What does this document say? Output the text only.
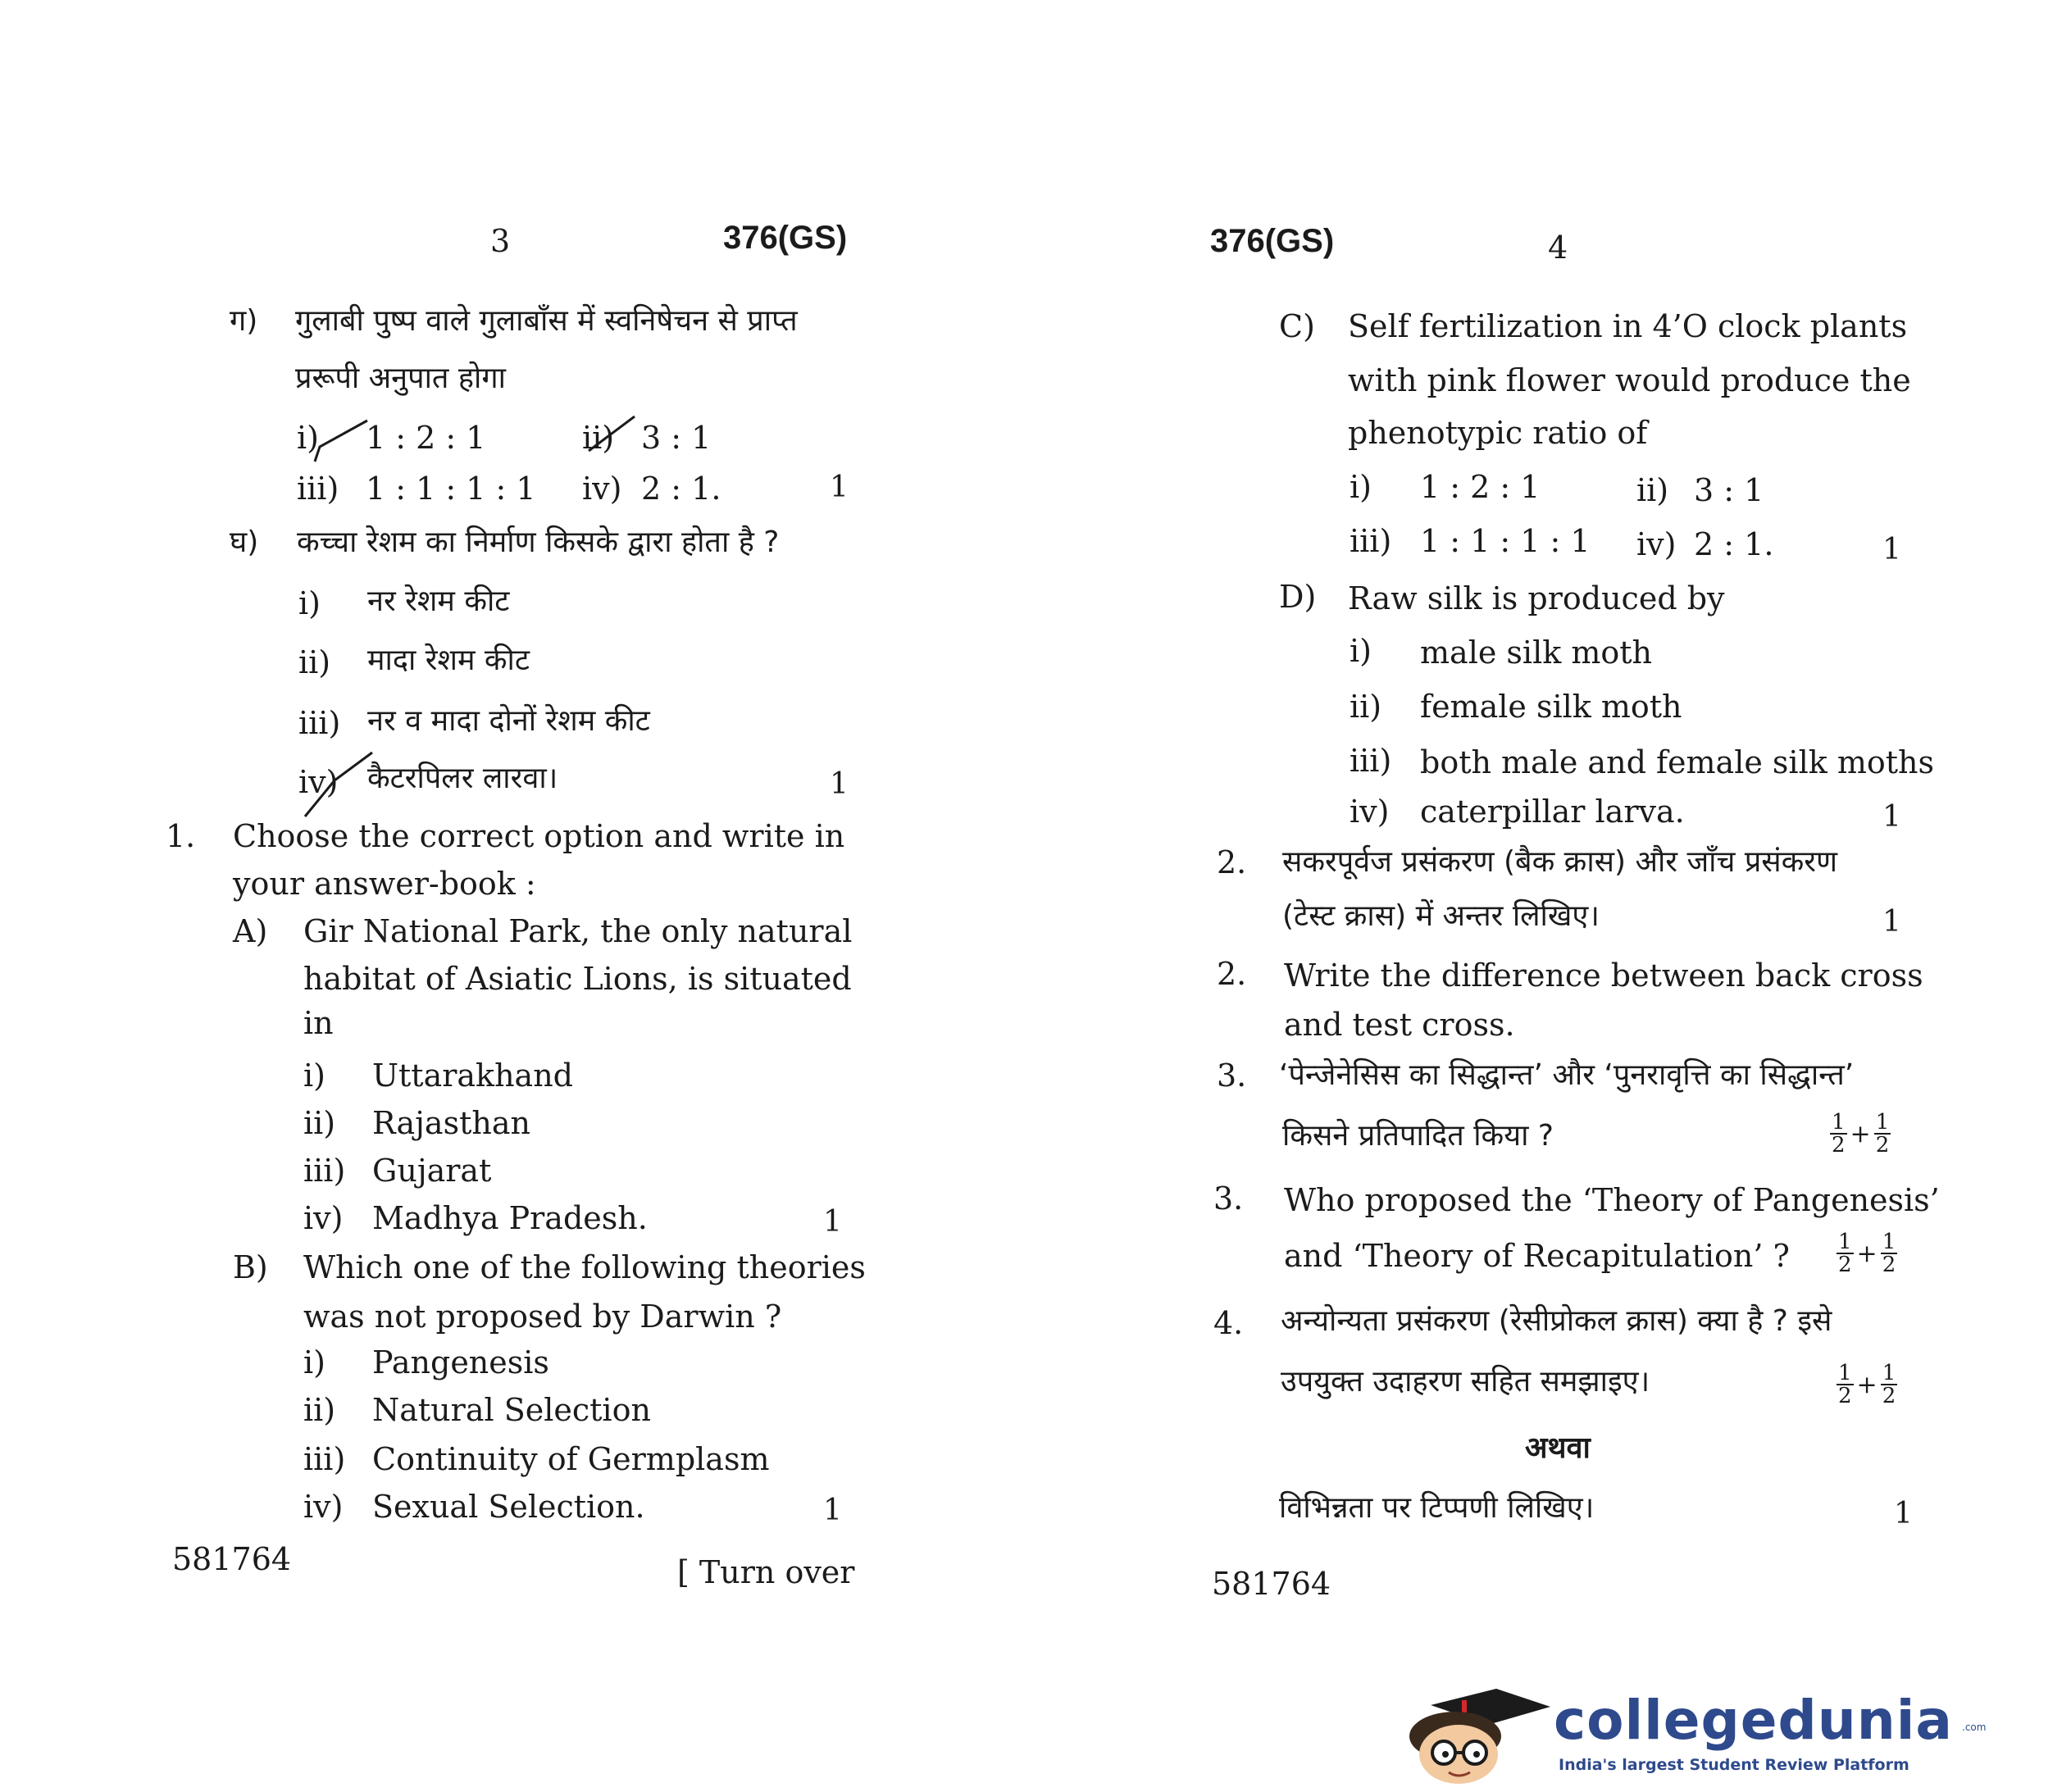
3	376(GS)
ग) गुलाबी पुष्प वाले गुलाबाँस में स्वनिषेचन से प्राप्त
प्ररूपी अनुपात होगा
i) 1 : 2 : 1	ii) 3 : 1
iii) 1 : 1 : 1 : 1 iv) 2 : 1.	1
घ) कच्चा रेशम का निर्माण किसके द्वारा होता है ?
i) नर रेशम कीट
ii) मादा रेशम कीट
iii) नर व मादा दोनों रेशम कीट
iv) कैटरपिलर लारवा।	1
1. Choose the correct option and write in
your answer-book :
A) Gir National Park, the only natural
habitat of Asiatic Lions, is situated
in
i) Uttarakhand
ii) Rajasthan
iii) Gujarat
iv) Madhya Pradesh.	1
B) Which one of the following theories
was not proposed by Darwin ?
i) Pangenesis
ii) Natural Selection
iii) Continuity of Germplasm
iv) Sexual Selection.	1
581764	[ Turn over
376(GS)	4
C) Self fertilization in 4’O clock plants
with pink flower would produce the
phenotypic ratio of
i) 1 : 2 : 1	ii) 3 : 1
iii) 1 : 1 : 1 : 1 iv) 2 : 1.	1
D) Raw silk is produced by
i) male silk moth
ii) female silk moth
iii) both male and female silk moths
iv) caterpillar larva.	1
2. सकरपूर्वज प्रसंकरण (बैक क्रास) और जाँच प्रसंकरण
(टेस्ट क्रास) में अन्तर लिखिए।	1
2. Write the difference between back cross
and test cross.
3. ‘पेन्जेनेसिस का सिद्धान्त’ और ‘पुनरावृत्ति का सिद्धान्त’
किसने प्रतिपादित किया ?	1
$2 + \frac{1}{2}$
3. Who proposed the ‘Theory of Pangenesis’
and ‘Theory of Recapitulation’ ? 1
$2 + \frac{1}{2}$
4. अन्योन्यता प्रसंकरण (रेसीप्रोकल क्रास) क्या है ? इसे
उपयुक्त उदाहरण सहित समझाइए।	1
$2 + \frac{1}{2}$
अथवा
विभिन्नता पर टिप्पणी लिखिए।	1
581764
collegedunia .com
India's largest Student Review Platform
